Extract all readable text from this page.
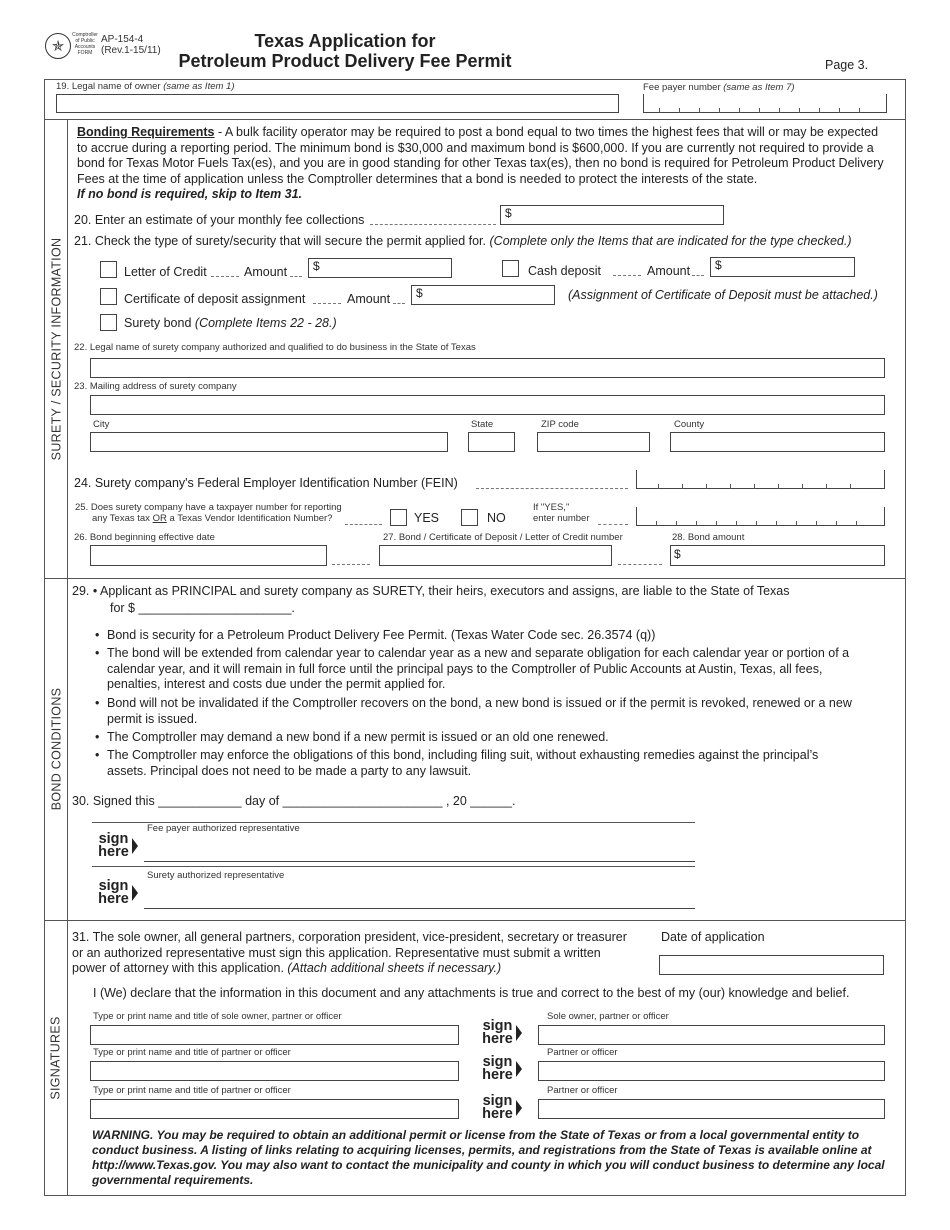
✯
Comptroller of Public Accounts FORM
AP-154-4
(Rev.1-15/11)	Texas Application for
Petroleum Product Delivery Fee Permit	Page 3.
19. Legal name of owner (same as Item 1)	Fee payer number (same as Item 7)
SURETY / SECURITY INFORMATION
Bonding Requirements - A bulk facility operator may be required to post a bond equal to two times the highest fees that will or may be expected to accrue during a reporting period. The minimum bond is $30,000 and maximum bond is $600,000. If you are currently not required to provide a bond for Texas Motor Fuels Tax(es), and you are in good standing for other Texas tax(es), then no bond is required for Petroleum Product Delivery Fees at the time of application unless the Comptroller determines that a bond is needed to protect the interests of the state.
If no bond is required, skip to Item 31.
20. Enter an estimate of your monthly fee collections	$
21. Check the type of surety/security that will secure the permit applied for. (Complete only the Items that are indicated for the type checked.)
Letter of Credit	Amount $	Cash deposit	Amount $
Certificate of deposit assignment	Amount $	(Assignment of Certificate of Deposit must be attached.)
Surety bond (Complete Items 22 - 28.)
22. Legal name of surety company authorized and qualified to do business in the State of Texas
23. Mailing address of surety company
City	State	ZIP code	County
24. Surety company's Federal Employer Identification Number (FEIN)
25. Does surety company have a taxpayer number for reporting
any Texas tax OR a Texas Vendor Identification Number?	YES	NO
If "YES,"
enter number
26. Bond beginning effective date	27. Bond / Certificate of Deposit / Letter of Credit number	28. Bond amount
$
BOND CONDITIONS
29. • Applicant as PRINCIPAL and surety company as SURETY, their heirs, executors and assigns, are liable to the State of Texas
for $ ______________________.
• Bond is security for a Petroleum Product Delivery Fee Permit. (Texas Water Code sec. 26.3574 (q))
• The bond will be extended from calendar year to calendar year as a new and separate obligation for each calendar year or portion of a calendar year, and it will remain in full force until the principal pays to the Comptroller of Public Accounts at Austin, Texas, all fees, penalties, interest and costs due under the permit applied for.
• Bond will not be invalidated if the Comptroller recovers on the bond, a new bond is issued or if the permit is revoked, renewed or a new permit is issued.
• The Comptroller may demand a new bond if a new permit is issued or an old one renewed.
• The Comptroller may enforce the obligations of this bond, including filing suit, without exhausting remedies against the principal’s assets. Principal does not need to be made a party to any lawsuit.
30. Signed this ____________ day of _______________________ , 20 ______.
Fee payer authorized representative
sign here
Surety authorized representative
sign here
SIGNATURES
31. The sole owner, all general partners, corporation president, vice-president, secretary or treasurer or an authorized representative must sign this application. Representative must submit a written power of attorney with this application. (Attach additional sheets if necessary.)
Date of application
I (We) declare that the information in this document and any attachments is true and correct to the best of my (our) knowledge and belief.
Type or print name and title of sole owner, partner or officer	Sole owner, partner or officer
sign here
Type or print name and title of partner or officer	Partner or officer
sign here
Type or print name and title of partner or officer	Partner or officer
sign here
WARNING. You may be required to obtain an additional permit or license from the State of Texas or from a local governmental entity to conduct business. A listing of links relating to acquiring licenses, permits, and registrations from the State of Texas is available online at http://www.Texas.gov. You may also want to contact the municipality and county in which you will conduct business to determine any local governmental requirements.
